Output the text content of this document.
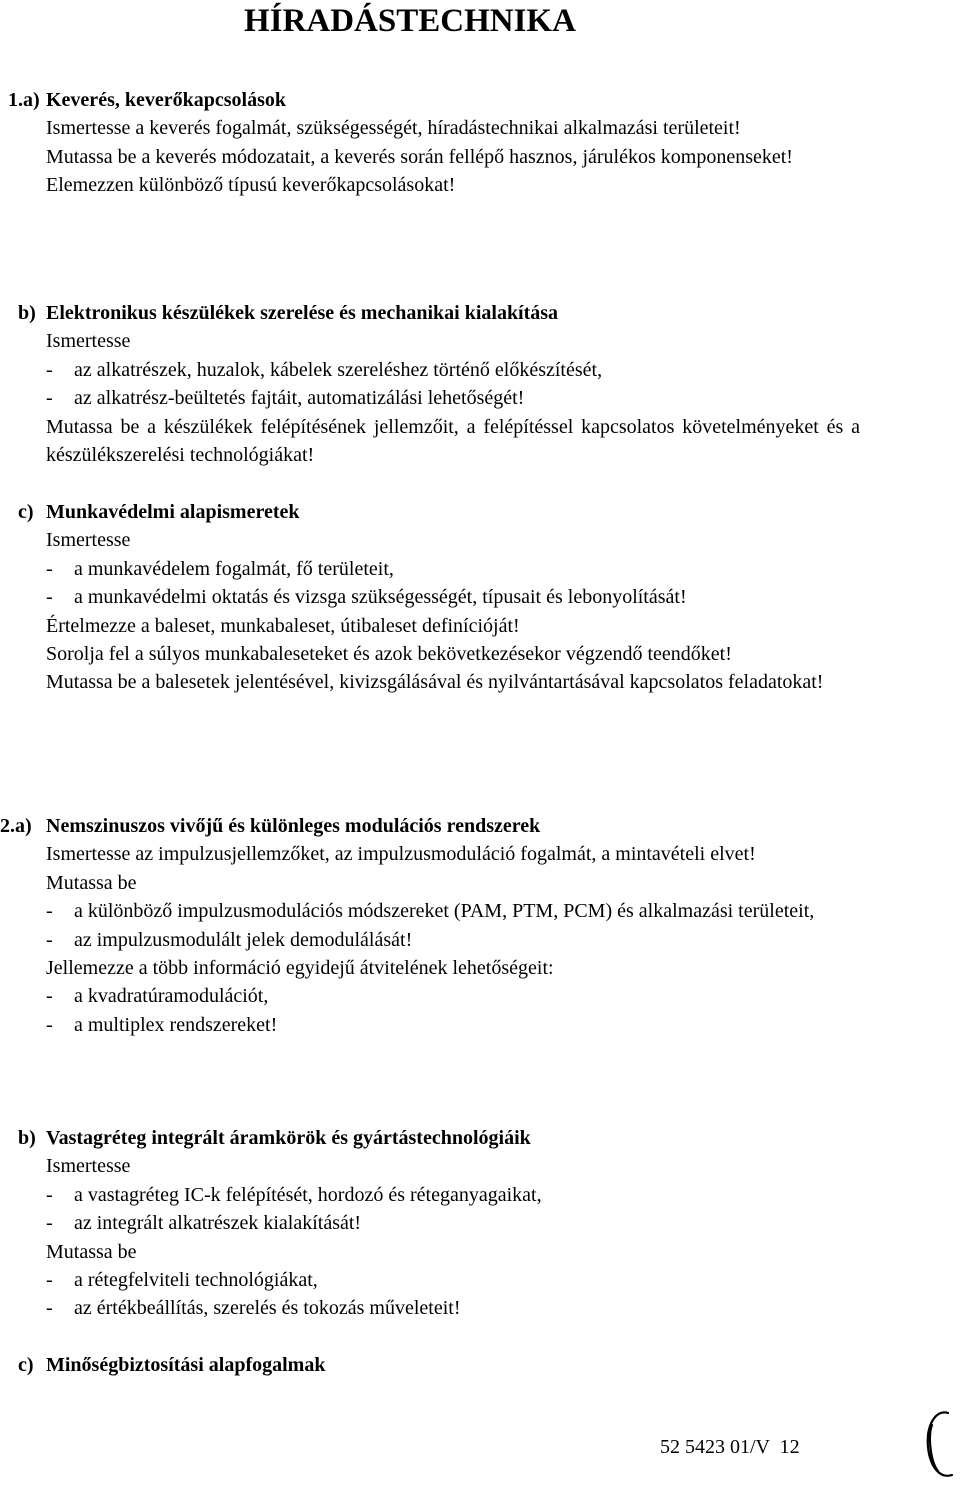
HÍRADÁSTECHNIKA
1.a) Keverés, keverőkapcsolások
Ismertesse a keverés fogalmát, szükségességét, híradástechnikai alkalmazási területeit!
Mutassa be a keverés módozatait, a keverés során fellépő hasznos, járulékos komponenseket!
Elemezzen különböző típusú keverőkapcsolásokat!
b) Elektronikus készülékek szerelése és mechanikai kialakítása
Ismertesse
-	az alkatrészek, huzalok, kábelek szereléshez történő előkészítését,
-	az alkatrész-beültetés fajtáit, automatizálási lehetőségét!
Mutassa be a készülékek felépítésének jellemzőit, a felépítéssel kapcsolatos követelményeket és a készülékszerelési technológiákat!
c) Munkavédelmi alapismeretek
Ismertesse
-	a munkavédelem fogalmát, fő területeit,
-	a munkavédelmi oktatás és vizsga szükségességét, típusait és lebonyolítását!
Értelmezze a baleset, munkabaleset, útibaleset definícióját!
Sorolja fel a súlyos munkabaleseteket és azok bekövetkezésekor végzendő teendőket!
Mutassa be a balesetek jelentésével, kivizsgálásával és nyilvántartásával kapcsolatos feladatokat!
2.a) Nemszinuszos vivőjű és különleges modulációs rendszerek
Ismertesse az impulzusjellemzőket, az impulzusmoduláció fogalmát, a mintavételi elvet!
Mutassa be
-	a különböző impulzusmodulációs módszereket (PAM, PTM, PCM) és alkalmazási területeit,
-	az impulzusmodulált jelek demodulálását!
Jellemezze a több információ egyidejű átvitelének lehetőségeit:
-	a kvadratúramodulációt,
-	a multiplex rendszereket!
b) Vastagréteg integrált áramkörök és gyártástechnológiáik
Ismertesse
-	a vastagréteg IC-k felépítését, hordozó és réteganyagaikat,
-	az integrált alkatrészek kialakítását!
Mutassa be
-	a rétegfelviteli technológiákat,
-	az értékbeállítás, szerelés és tokozás műveleteit!
c) Minőségbiztosítási alapfogalmak
52 5423 01/V  12
